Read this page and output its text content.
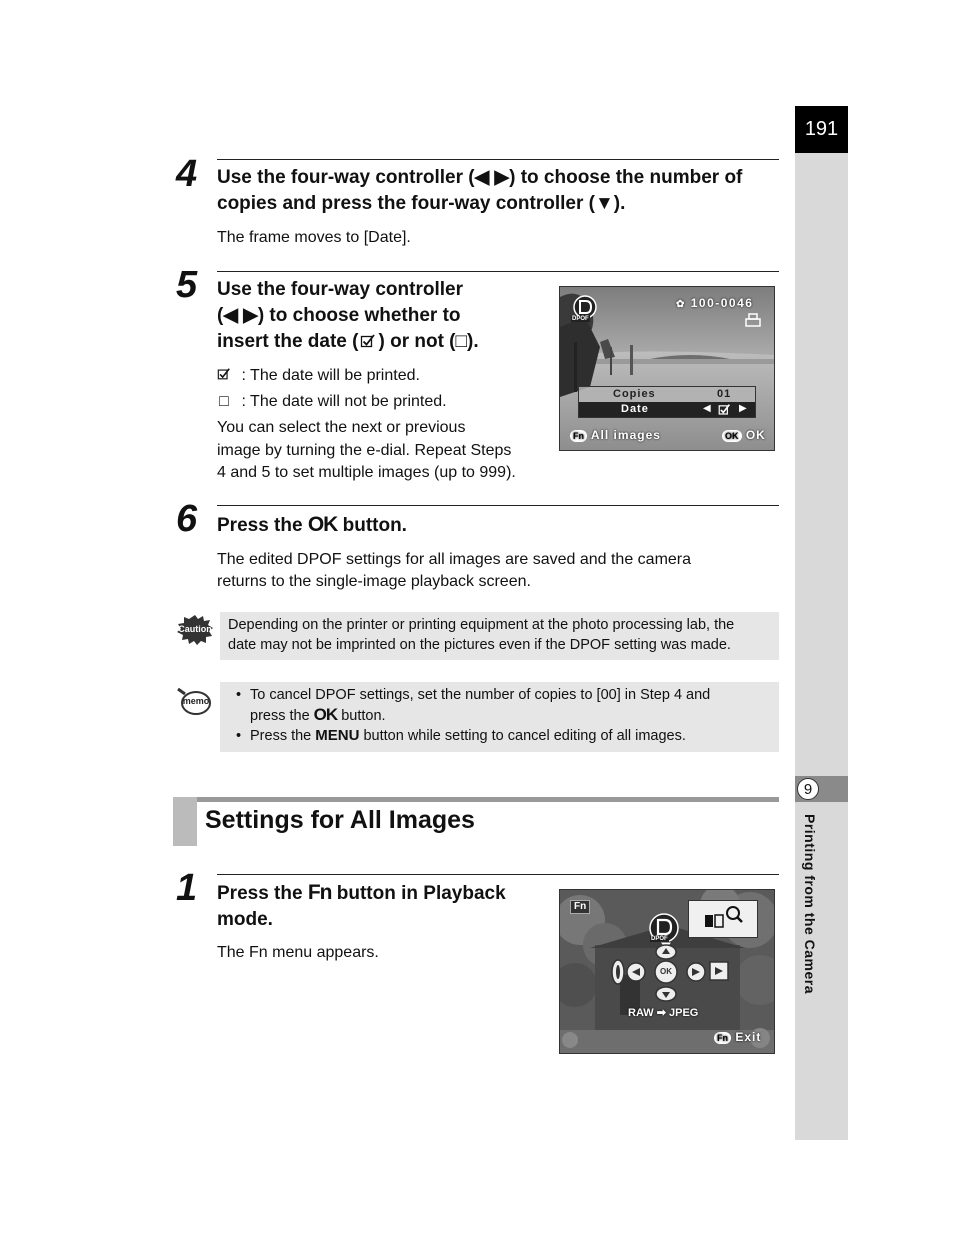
191
9
Printing from the Camera
4 Use the four-way controller (◀ ▶) to choose the number of
copies and press the four-way controller (▼).
The frame moves to [Date].
5 Use the four-way controller
(◀ ▶) to choose whether to
insert the date ( ) or not (□).
: The date will be printed.
□ : The date will not be printed.
You can select the next or previous
image by turning the e-dial. Repeat Steps
4 and 5 to set multiple images (up to 999).
DPOF
✿ 100-0046
Copies	01
Date	◀	▶
Fn All images	OK OK
6 Press the OK button.
The edited DPOF settings for all images are saved and the camera
returns to the single-image playback screen.
Caution Depending on the printer or printing equipment at the photo processing lab, the
date may not be imprinted on the pictures even if the DPOF setting was made.
memo
•	To cancel DPOF settings, set the number of copies to [00] in Step 4 and
press the OK button.
• Press the MENU button while setting to cancel editing of all images.
Settings for All Images
1 Press the Fn button in Playback
mode.
The Fn menu appears.
Fn
DPOF
OK
RAW ➡ JPEG
Fn Exit
